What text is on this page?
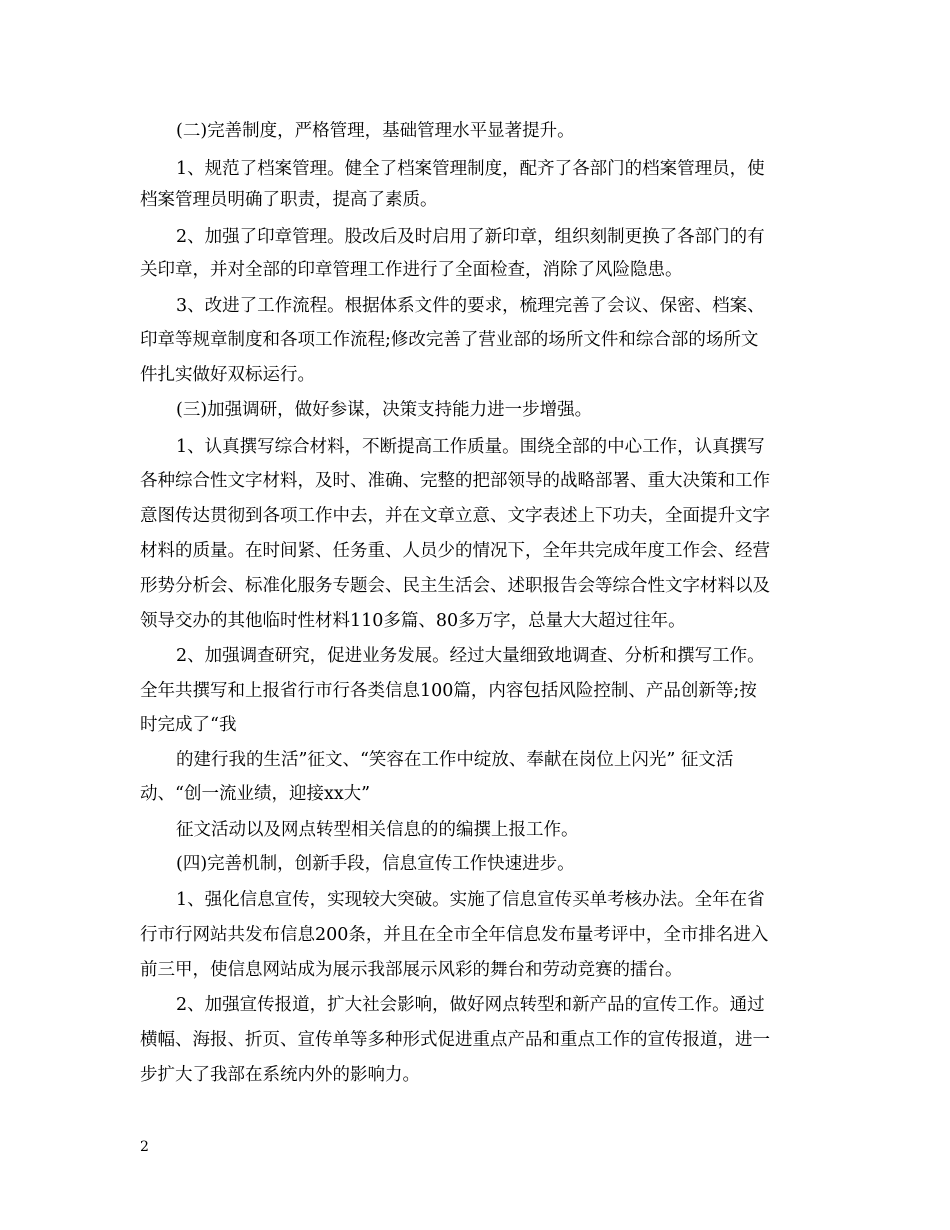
(二)完善制度，严格管理，基础管理水平显著提升。
1、规范了档案管理。健全了档案管理制度，配齐了各部门的档案管理员，使
档案管理员明确了职责，提高了素质。
2、加强了印章管理。股改后及时启用了新印章，组织刻制更换了各部门的有
关印章，并对全部的印章管理工作进行了全面检查，消除了风险隐患。
3、改进了工作流程。根据体系文件的要求，梳理完善了会议、保密、档案、
印章等规章制度和各项工作流程;修改完善了营业部的场所文件和综合部的场所文
件扎实做好双标运行。
(三)加强调研，做好参谋，决策支持能力进一步增强。
1、认真撰写综合材料，不断提高工作质量。围绕全部的中心工作，认真撰写
各种综合性文字材料，及时、准确、完整的把部领导的战略部署、重大决策和工作
意图传达贯彻到各项工作中去，并在文章立意、文字表述上下功夫，全面提升文字
材料的质量。在时间紧、任务重、人员少的情况下，全年共完成年度工作会、经营
形势分析会、标准化服务专题会、民主生活会、述职报告会等综合性文字材料以及
领导交办的其他临时性材料110多篇、80多万字，总量大大超过往年。
2、加强调查研究，促进业务发展。经过大量细致地调查、分析和撰写工作。
全年共撰写和上报省行市行各类信息100篇，内容包括风险控制、产品创新等;按
时完成了“我
的建行我的生活”征文、“笑容在工作中绽放、奉献在岗位上闪光” 征文活
动、“创一流业绩，迎接xx大”
征文活动以及网点转型相关信息的的编撰上报工作。
(四)完善机制，创新手段，信息宣传工作快速进步。
1、强化信息宣传，实现较大突破。实施了信息宣传买单考核办法。全年在省
行市行网站共发布信息200条，并且在全市全年信息发布量考评中，全市排名进入
前三甲，使信息网站成为展示我部展示风彩的舞台和劳动竞赛的擂台。
2、加强宣传报道，扩大社会影响，做好网点转型和新产品的宣传工作。通过
横幅、海报、折页、宣传单等多种形式促进重点产品和重点工作的宣传报道，进一
步扩大了我部在系统内外的影响力。
2
